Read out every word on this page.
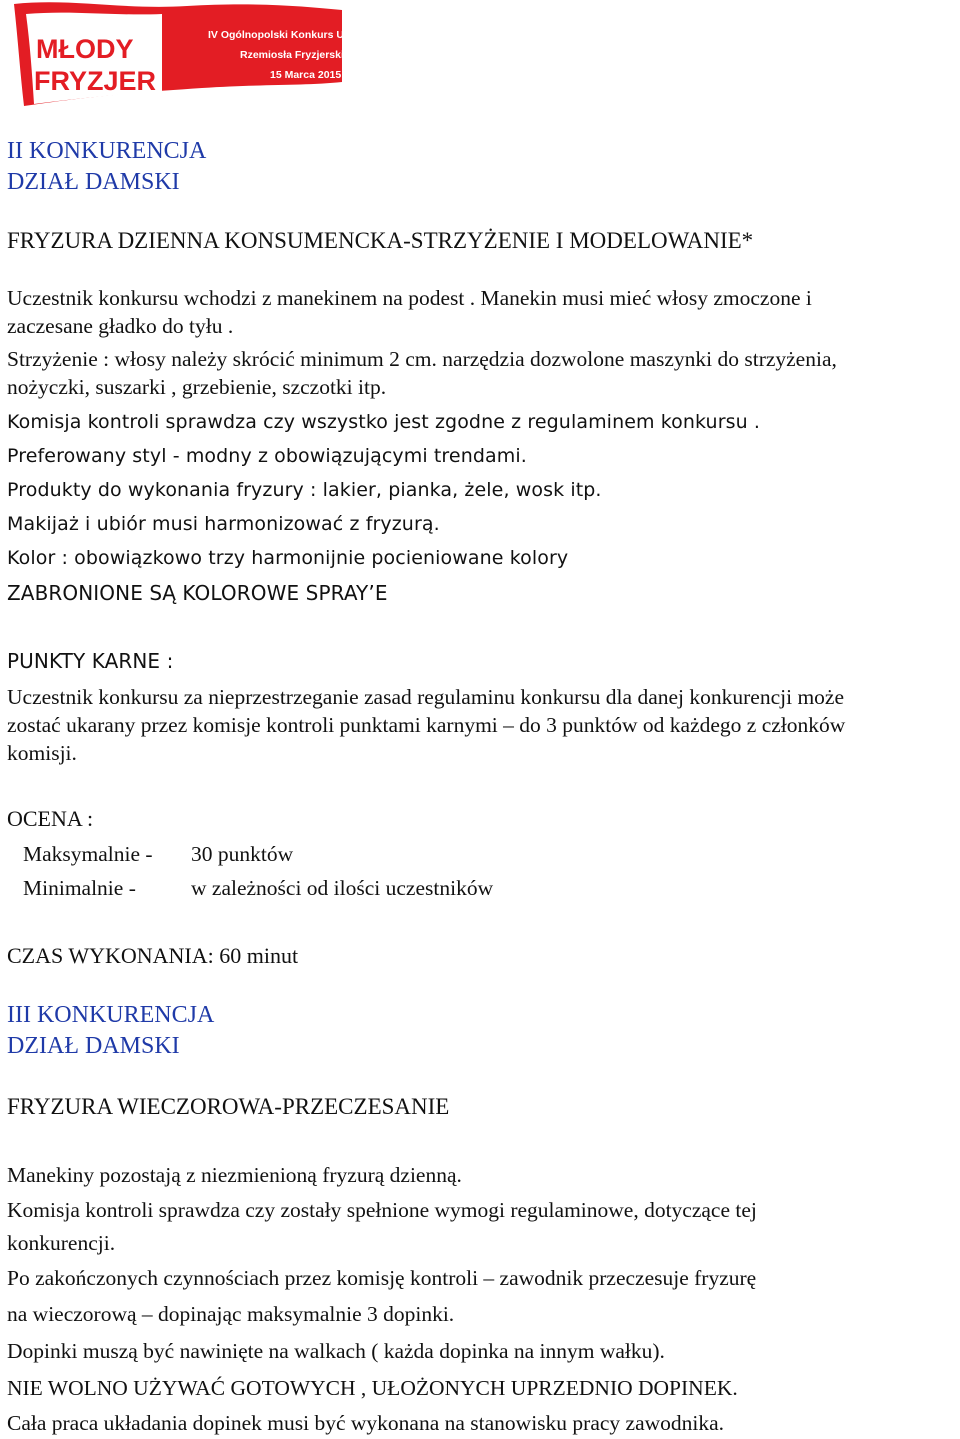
MŁODY
FRYZJER
IV Ogólnopolski Konkurs Uczniów
Rzemiosła Fryzjerskiego
15 Marca 2015
II KONKURENCJA
DZIAŁ DAMSKI
FRYZURA DZIENNA KONSUMENCKA-STRZYŻENIE I MODELOWANIE*
Uczestnik konkursu wchodzi z manekinem na podest . Manekin musi mieć włosy zmoczone i
zaczesane gładko do tyłu .
Strzyżenie : włosy należy skrócić minimum 2 cm. narzędzia dozwolone maszynki do strzyżenia,
nożyczki, suszarki , grzebienie, szczotki itp.
Komisja kontroli sprawdza czy wszystko jest zgodne z regulaminem konkursu .
Preferowany styl - modny z obowiązującymi trendami.
Produkty do wykonania fryzury : lakier, pianka, żele, wosk itp.
Makijaż i ubiór musi harmonizować z fryzurą.
Kolor : obowiązkowo trzy harmonijnie pocieniowane kolory
ZABRONIONE SĄ KOLOROWE SPRAY’E
PUNKTY KARNE :
Uczestnik konkursu za nieprzestrzeganie zasad regulaminu konkursu dla danej konkurencji może
zostać ukarany przez komisje kontroli punktami karnymi – do 3 punktów od każdego z członków
komisji.
OCENA :
Maksymalnie - 30 punktów
Minimalnie -	w zależności od ilości uczestników
CZAS WYKONANIA: 60 minut
III KONKURENCJA
DZIAŁ DAMSKI
FRYZURA WIECZOROWA-PRZECZESANIE
Manekiny pozostają z niezmienioną fryzurą dzienną.
Komisja kontroli sprawdza czy zostały spełnione wymogi regulaminowe, dotyczące tej
konkurencji.
Po zakończonych czynnościach przez komisję kontroli – zawodnik przeczesuje fryzurę
na wieczorową – dopinając maksymalnie 3 dopinki.
Dopinki muszą być nawinięte na walkach ( każda dopinka na innym wałku).
NIE WOLNO UŻYWAĆ GOTOWYCH , UŁOŻONYCH UPRZEDNIO DOPINEK.
Cała praca układania dopinek musi być wykonana na stanowisku pracy zawodnika.
